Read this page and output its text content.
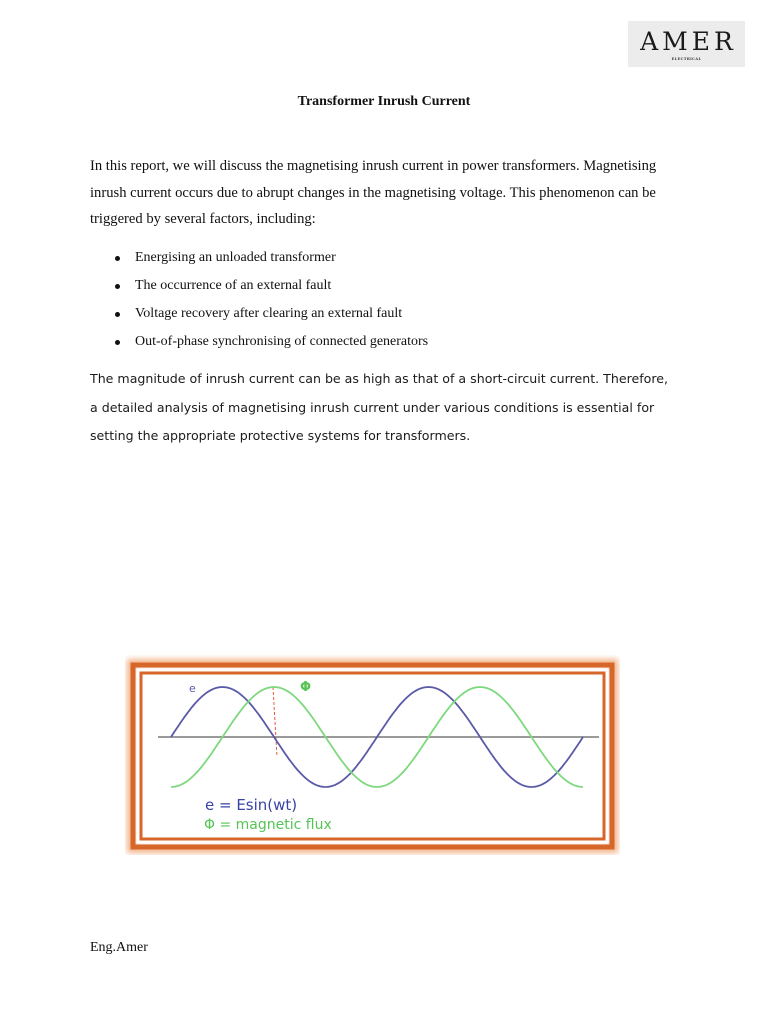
AMER
ELECTRICAL
Transformer Inrush Current

In this report, we will discuss the magnetising inrush current in power transformers. Magnetising
inrush current occurs due to abrupt changes in the magnetising voltage. This phenomenon can be
triggered by several factors, including:

Energising an unloaded transformer
The occurrence of an external fault
Voltage recovery after clearing an external fault
Out-of-phase synchronising of connected generators

The magnitude of inrush current can be as high as that of a short-circuit current. Therefore,
a detailed analysis of magnetising inrush current under various conditions is essential for
setting the appropriate protective systems for transformers.

e	Φ
e = Esin(wt)
Φ = magnetic flux

Eng.Amer
